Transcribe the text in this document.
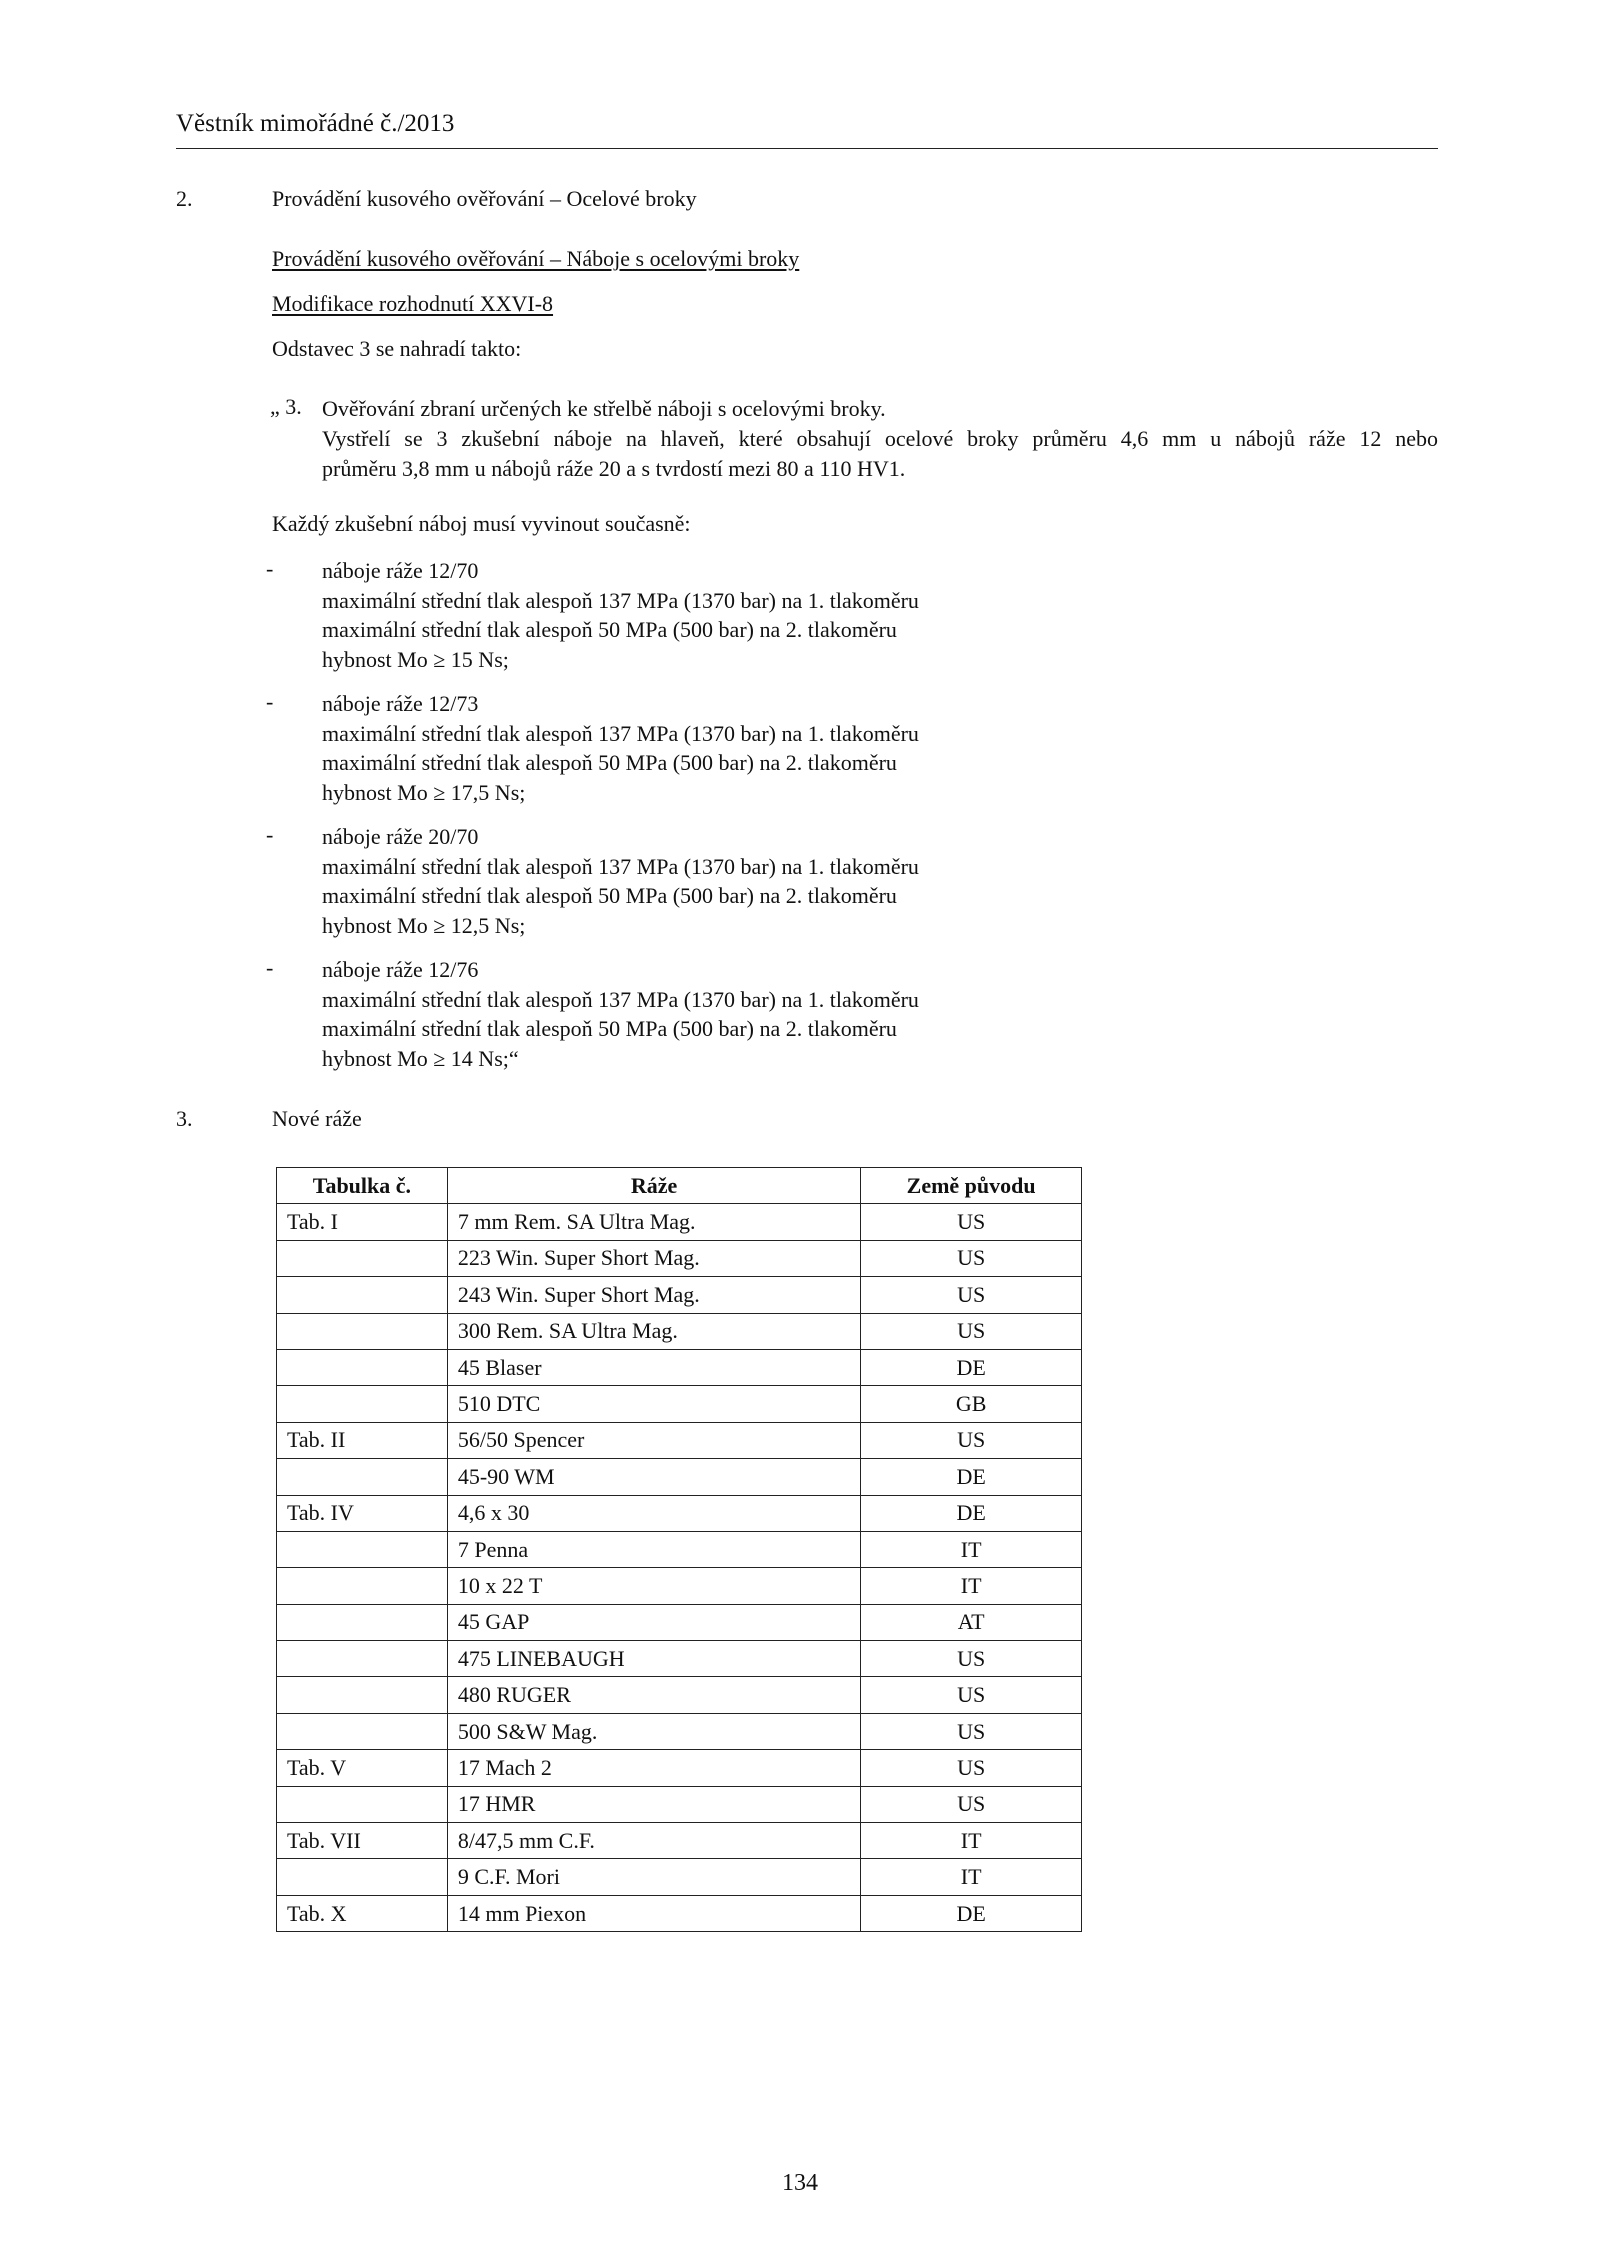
Věstník mimořádné č./2013
2.	Provádění kusového ověřování – Ocelové broky
Provádění kusového ověřování – Náboje s ocelovými broky
Modifikace rozhodnutí XXVI-8
Odstavec 3 se nahradí takto:
„ 3. Ověřování zbraní určených ke střelbě náboji s ocelovými broky.
Vystřelí se 3 zkušební náboje na hlaveň, které obsahují ocelové broky průměru 4,6 mm u nábojů ráže 12 nebo
průměru 3,8 mm u nábojů ráže 20 a s tvrdostí mezi 80 a 110 HV1.
Každý zkušební náboj musí vyvinout současně:
- náboje ráže 12/70
maximální střední tlak alespoň 137 MPa (1370 bar) na 1. tlakoměru
maximální střední tlak alespoň 50 MPa (500 bar) na 2. tlakoměru
hybnost Mo ≥ 15 Ns;
- náboje ráže 12/73
maximální střední tlak alespoň 137 MPa (1370 bar) na 1. tlakoměru
maximální střední tlak alespoň 50 MPa (500 bar) na 2. tlakoměru
hybnost Mo ≥ 17,5 Ns;
- náboje ráže 20/70
maximální střední tlak alespoň 137 MPa (1370 bar) na 1. tlakoměru
maximální střední tlak alespoň 50 MPa (500 bar) na 2. tlakoměru
hybnost Mo ≥ 12,5 Ns;
- náboje ráže 12/76
maximální střední tlak alespoň 137 MPa (1370 bar) na 1. tlakoměru
maximální střední tlak alespoň 50 MPa (500 bar) na 2. tlakoměru
hybnost Mo ≥ 14 Ns;“
3.	Nové ráže
Tabulka č.	Ráže	Země původu
Tab. I	7 mm Rem. SA Ultra Mag.	US
	223 Win. Super Short Mag.	US
	243 Win. Super Short Mag.	US
	300 Rem. SA Ultra Mag.	US
	45 Blaser	DE
	510 DTC	GB
Tab. II	56/50 Spencer	US
	45-90 WM	DE
Tab. IV	4,6 x 30	DE
	7 Penna	IT
	10 x 22 T	IT
	45 GAP	AT
	475 LINEBAUGH	US
	480 RUGER	US
	500 S&W Mag.	US
Tab. V	17 Mach 2	US
	17 HMR	US
Tab. VII	8/47,5 mm C.F.	IT
	9 C.F. Mori	IT
Tab. X	14 mm Piexon	DE
134
